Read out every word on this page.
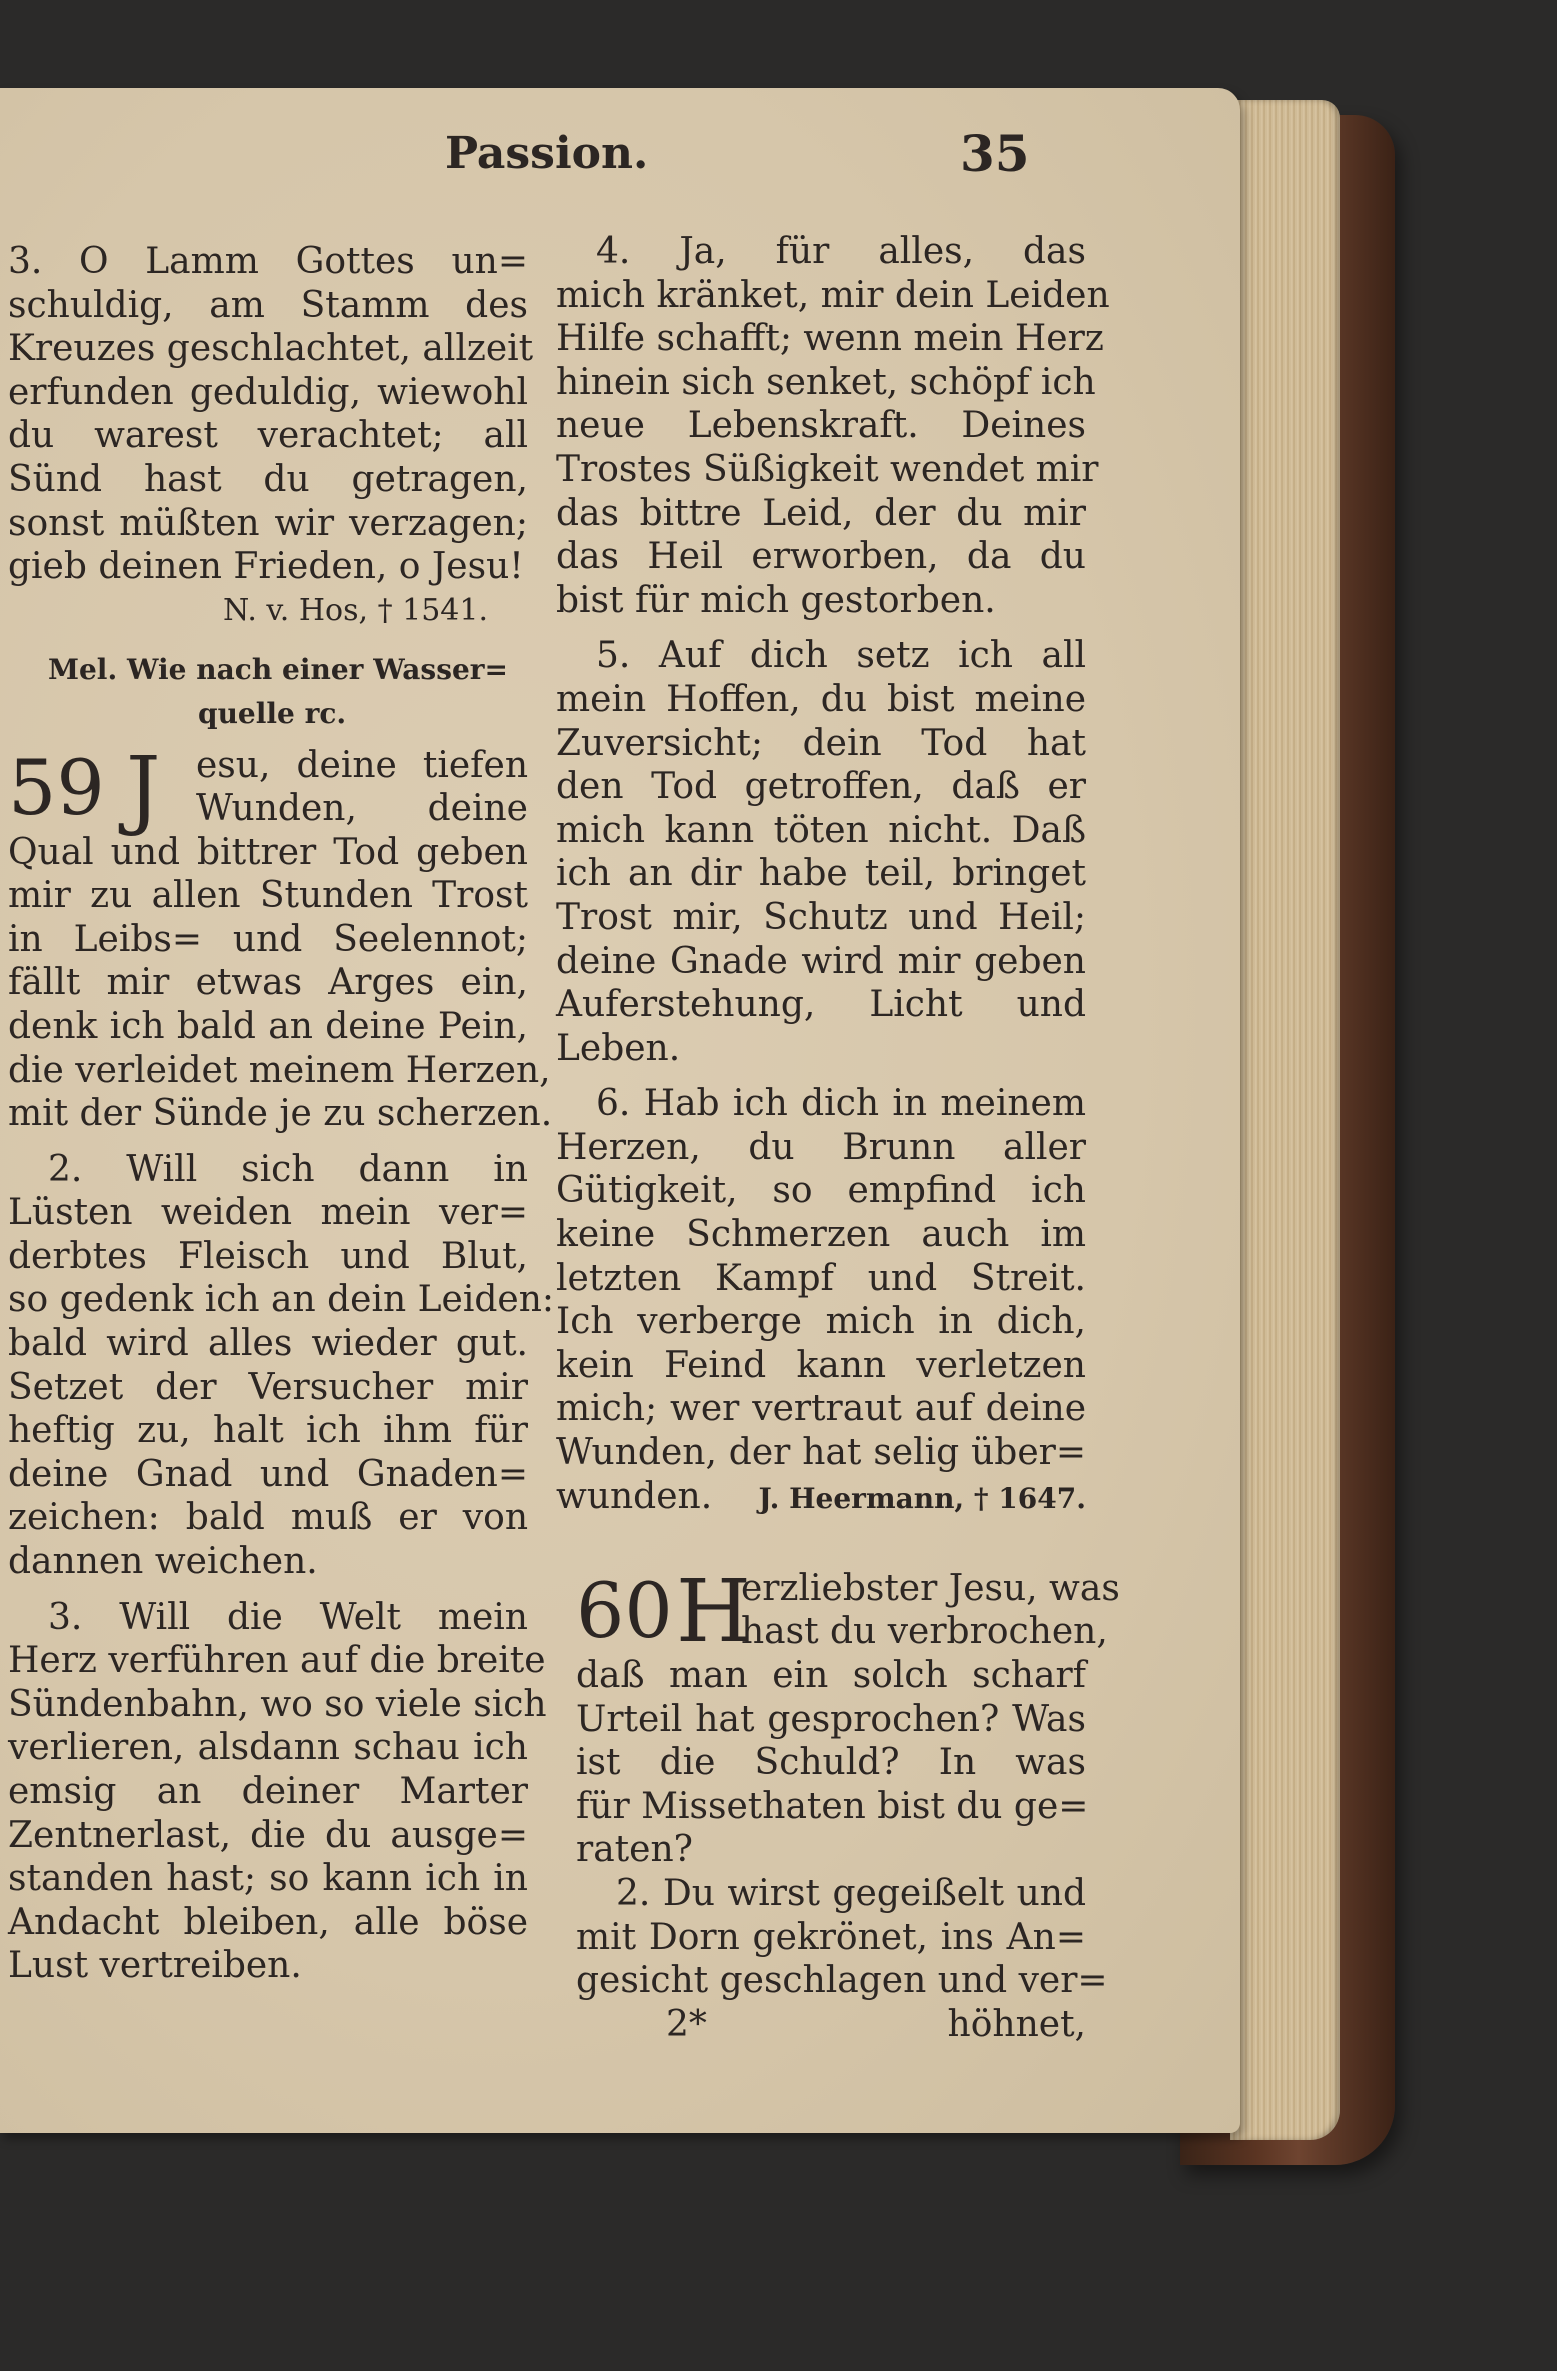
Passion.	35
3. O Lamm Gottes un=
schuldig, am Stamm des
Kreuzes geschlachtet, allzeit
erfunden geduldig, wiewohl
du warest verachtet; all
Sünd hast du getragen,
sonst müßten wir verzagen;
gieb deinen Frieden, o Jesu!
N. v. Hos, † 1541.
Mel. Wie nach einer Wasser=
quelle rc.
59 J esu, deine tiefen
Wunden, deine
Qual und bittrer Tod geben
mir zu allen Stunden Trost
in Leibs= und Seelennot;
fällt mir etwas Arges ein,
denk ich bald an deine Pein,
die verleidet meinem Herzen,
mit der Sünde je zu scherzen.
2. Will sich dann in
Lüsten weiden mein ver=
derbtes Fleisch und Blut,
so gedenk ich an dein Leiden:
bald wird alles wieder gut.
Setzet der Versucher mir
heftig zu, halt ich ihm für
deine Gnad und Gnaden=
zeichen: bald muß er von
dannen weichen.
3. Will die Welt mein
Herz verführen auf die breite
Sündenbahn, wo so viele sich
verlieren, alsdann schau ich
emsig an deiner Marter
Zentnerlast, die du ausge=
standen hast; so kann ich in
Andacht bleiben, alle böse
Lust vertreiben.
4. Ja, für alles, das
mich kränket, mir dein Leiden
Hilfe schafft; wenn mein Herz
hinein sich senket, schöpf ich
neue Lebenskraft. Deines
Trostes Süßigkeit wendet mir
das bittre Leid, der du mir
das Heil erworben, da du
bist für mich gestorben.
5. Auf dich setz ich all
mein Hoffen, du bist meine
Zuversicht; dein Tod hat
den Tod getroffen, daß er
mich kann töten nicht. Daß
ich an dir habe teil, bringet
Trost mir, Schutz und Heil;
deine Gnade wird mir geben
Auferstehung, Licht und
Leben.
6. Hab ich dich in meinem
Herzen, du Brunn aller
Gütigkeit, so empfind ich
keine Schmerzen auch im
letzten Kampf und Streit.
Ich verberge mich in dich,
kein Feind kann verletzen
mich; wer vertraut auf deine
Wunden, der hat selig über=
wunden. J. Heermann, † 1647.
60 H
erzliebster Jesu, was
hast du verbrochen,
daß man ein solch scharf
Urteil hat gesprochen? Was
ist die Schuld? In was
für Missethaten bist du ge=
raten?
2. Du wirst gegeißelt und
mit Dorn gekrönet, ins An=
gesicht geschlagen und ver=
2*	höhnet,
